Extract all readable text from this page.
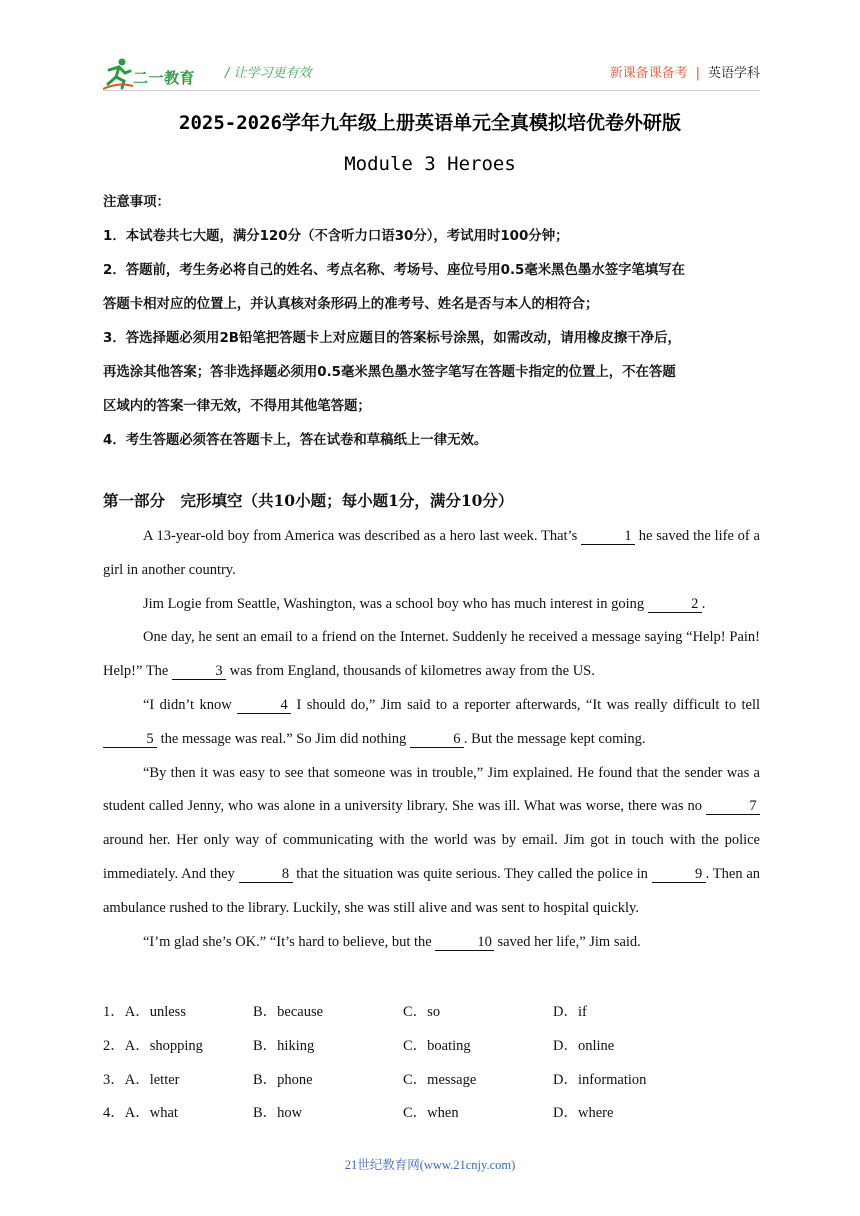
二一教育 / 让学习更有效	新课备课备考 | 英语学科
2025-2026学年九年级上册英语单元全真模拟培优卷外研版
Module 3 Heroes
注意事项：
1．本试卷共七大题，满分120分（不含听力口语30分），考试用时100分钟；
2．答题前，考生务必将自己的姓名、考点名称、考场号、座位号用0.5毫米黑色墨水签字笔填写在
答题卡相对应的位置上，并认真核对条形码上的准考号、姓名是否与本人的相符合；
3．答选择题必须用2B铅笔把答题卡上对应题目的答案标号涂黑，如需改动，请用橡皮擦干净后，
再选涂其他答案；答非选择题必须用0.5毫米黑色墨水签字笔写在答题卡指定的位置上，不在答题
区域内的答案一律无效，不得用其他笔答题；
4．考生答题必须答在答题卡上，答在试卷和草稿纸上一律无效。
第一部分　完形填空（共10小题；每小题1分，满分10分）

A 13-year-old boy from America was described as a hero last week. That’s	1 he saved the life of a girl in another country.

Jim Logie from Seattle, Washington, was a school boy who has much interest in going	2 .

One day, he sent an email to a friend on the Internet. Suddenly he received a message saying “Help! Pain! Help!” The	3 was from England, thousands of kilometres away from the US.

“I didn’t know	4 I should do,” Jim said to a reporter afterwards, “It was really difficult to tell 5 the message was real.” So Jim did nothing	6 . But the message kept coming.

“By then it was easy to see that someone was in trouble,” Jim explained. He found that the sender was a student called Jenny, who was alone in a university library. She was ill. What was worse, there was no	7 around her. Her only way of communicating with the world was by email. Jim got in touch with the police immediately. And they	8 that the situation was quite serious. They called the police in	9 . Then an ambulance rushed to the library. Luckily, she was still alive and was sent to hospital quickly.

“I’m glad she’s OK.” “It’s hard to believe, but the	10 saved her life,” Jim said.

1．A．unless	B．because	C．so	D．if
2．A．shopping	B．hiking	C．boating	D．online
3．A．letter	B．phone	C．message	D．information
4．A．what	B．how	C．when	D．where
21世纪教育网(www.21cnjy.com)
